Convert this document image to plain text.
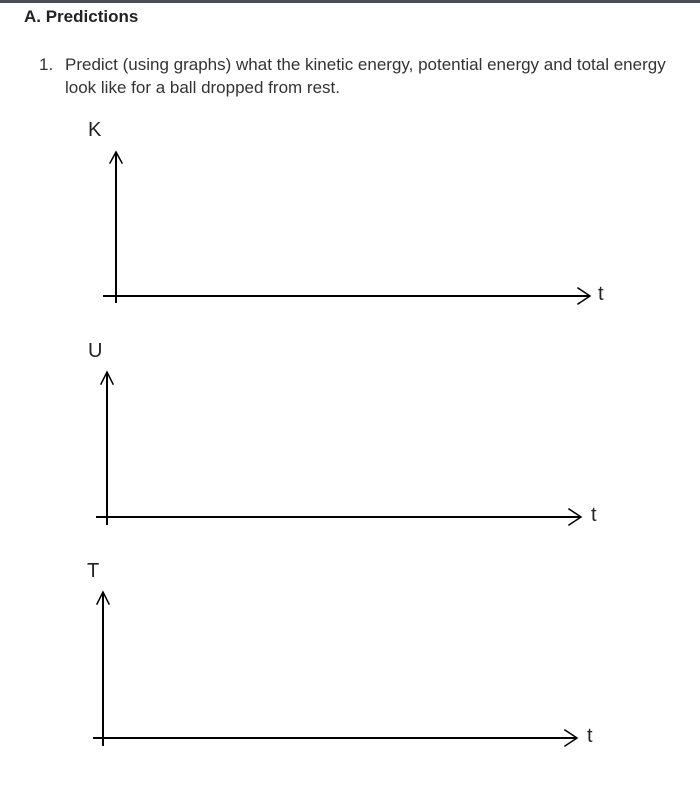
A. Predictions
1. Predict (using graphs) what the kinetic energy, potential energy and total energy look like for a ball dropped from rest.
K
t
U
t
T
t
